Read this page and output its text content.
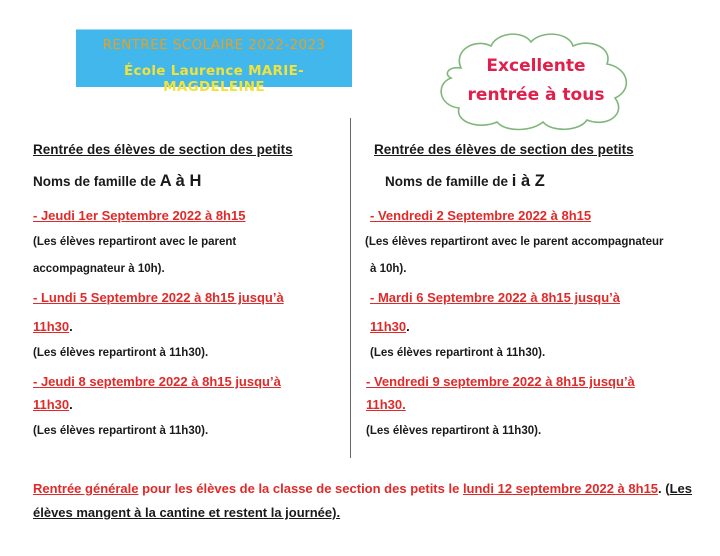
RENTREE SCOLAIRE 2022-2023
École Laurence MARIE-MAGDELEINE
Excellente
rentrée à tous
Rentrée des élèves de section des petits
Noms de famille de A à H
- Jeudi 1er Septembre 2022 à 8h15
(Les élèves repartiront avec le parent
accompagnateur à 10h).
- Lundi 5 Septembre 2022 à 8h15 jusqu’à
11h30.
(Les élèves repartiront à 11h30).
- Jeudi 8 septembre 2022 à 8h15 jusqu’à
11h30.
(Les élèves repartiront à 11h30).
Rentrée des élèves de section des petits
Noms de famille de i à Z
- Vendredi 2 Septembre 2022 à 8h15
(Les élèves repartiront avec le parent accompagnateur
à 10h).
- Mardi 6 Septembre 2022 à 8h15 jusqu’à
11h30.
(Les élèves repartiront à 11h30).
- Vendredi 9 septembre 2022 à 8h15 jusqu’à
11h30.
(Les élèves repartiront à 11h30).
Rentrée générale pour les élèves de la classe de section des petits le lundi 12 septembre 2022 à 8h15. (Les élèves mangent à la cantine et restent la journée).
